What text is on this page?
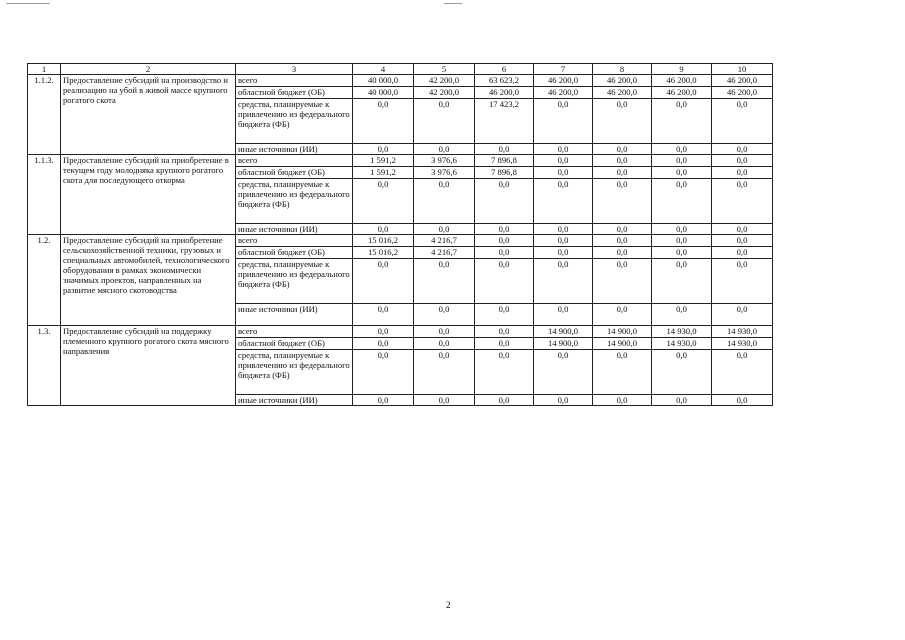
1	2	3	4	5	6	7	8	9	10
1.1.2.	Предоставление субсидий на производство и реализацию на убой в живой массе крупного рогатого скота	всего	40 000,0	42 200,0	63 623,2	46 200,0	46 200,0	46 200,0	46 200,0
		областной бюджет (ОБ)	40 000,0	42 200,0	46 200,0	46 200,0	46 200,0	46 200,0	46 200,0
		средства, планируемые к привлечению из федерального бюджета (ФБ)	0,0	0,0	17 423,2	0,0	0,0	0,0	0,0
		иные источники (ИИ)	0,0	0,0	0,0	0,0	0,0	0,0	0,0
1.1.3.	Предоставление субсидий на приобретение в текущем году молодняка крупного рогатого скота для последующего откорма	всего	1 591,2	3 976,6	7 896,8	0,0	0,0	0,0	0,0
		областной бюджет (ОБ)	1 591,2	3 976,6	7 896,8	0,0	0,0	0,0	0,0
		средства, планируемые к привлечению из федерального бюджета (ФБ)	0,0	0,0	0,0	0,0	0,0	0,0	0,0
		иные источники (ИИ)	0,0	0,0	0,0	0,0	0,0	0,0	0,0
1.2.	Предоставление субсидий на приобретение сельскохозяйственной техники, грузовых и специальных автомобилей, технологического оборудования в рамках экономически значимых проектов, направленных на развитие мясного скотоводства	всего	15 016,2	4 216,7	0,0	0,0	0,0	0,0	0,0
		областной бюджет (ОБ)	15 016,2	4 216,7	0,0	0,0	0,0	0,0	0,0
		средства, планируемые к привлечению из федерального бюджета (ФБ)	0,0	0,0	0,0	0,0	0,0	0,0	0,0
		иные источники (ИИ)	0,0	0,0	0,0	0,0	0,0	0,0	0,0
1.3.	Предоставление субсидий на поддержку племенного крупного рогатого скота мясного направления	всего	0,0	0,0	0,0	14 900,0	14 900,0	14 930,0	14 930,0
		областной бюджет (ОБ)	0,0	0,0	0,0	14 900,0	14 900,0	14 930,0	14 930,0
		средства, планируемые к привлечению из федерального бюджета (ФБ)	0,0	0,0	0,0	0,0	0,0	0,0	0,0
		иные источники (ИИ)	0,0	0,0	0,0	0,0	0,0	0,0	0,0
2
